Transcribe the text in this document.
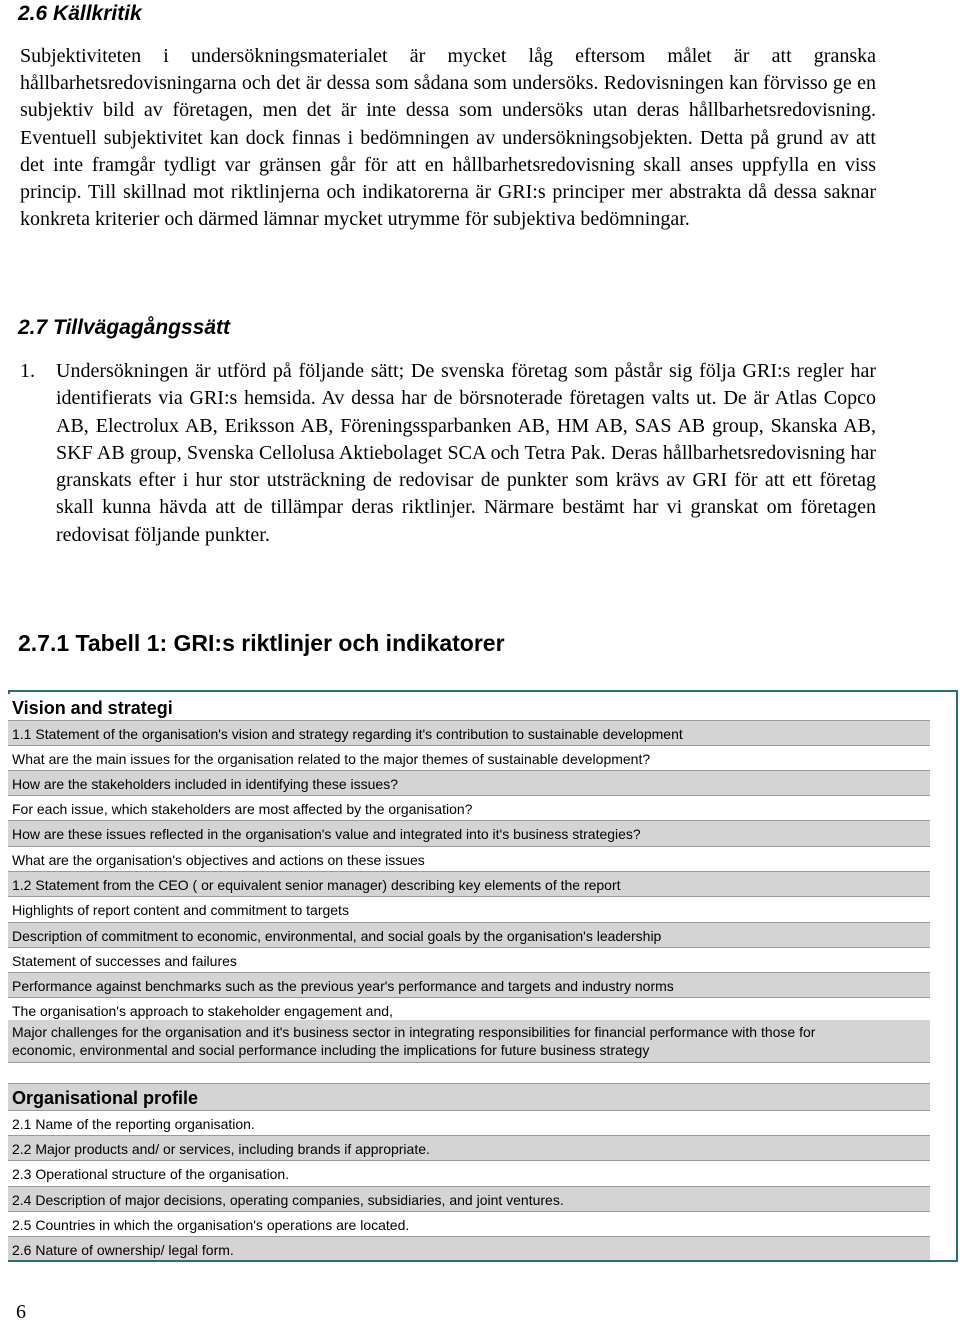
2.6 Källkritik

Subjektiviteten i undersökningsmaterialet är mycket låg eftersom målet är att granska hållbarhetsredovisningarna och det är dessa som sådana som undersöks. Redovisningen kan förvisso ge en subjektiv bild av företagen, men det är inte dessa som undersöks utan deras hållbarhetsredovisning. Eventuell subjektivitet kan dock finnas i bedömningen av undersökningsobjekten. Detta på grund av att det inte framgår tydligt var gränsen går för att en hållbarhetsredovisning skall anses uppfylla en viss princip. Till skillnad mot riktlinjerna och indikatorerna är GRI:s principer mer abstrakta då dessa saknar konkreta kriterier och därmed lämnar mycket utrymme för subjektiva bedömningar.

2.7 Tillvägagångssätt
1. Undersökningen är utförd på följande sätt; De svenska företag som påstår sig följa GRI:s regler har identifierats via GRI:s hemsida. Av dessa har de börsnoterade företagen valts ut. De är Atlas Copco AB, Electrolux AB, Eriksson AB, Föreningssparbanken AB, HM AB, SAS AB group, Skanska AB, SKF AB group, Svenska Cellolusa Aktiebolaget SCA och Tetra Pak. Deras hållbarhetsredovisning har granskats efter i hur stor utsträckning de redovisar de punkter som krävs av GRI för att ett företag skall kunna hävda att de tillämpar deras riktlinjer. Närmare bestämt har vi granskat om företagen redovisat följande punkter.
2.7.1 Tabell 1: GRI:s riktlinjer och indikatorer
Vision and strategi
1.1 Statement of the organisation's vision and strategy regarding it's contribution to sustainable development
What are the main issues for the organisation related to the major themes of sustainable development?
How are the stakeholders included in identifying these issues?
For each issue, which stakeholders are most affected by the organisation?
How are these issues reflected in the organisation's value and integrated into it's business strategies?
What are the organisation's objectives and actions on these issues
1.2 Statement from the CEO ( or equivalent senior manager) describing key elements of the report
Highlights of report content and commitment to targets
Description of commitment to economic, environmental, and social goals by the organisation's leadership
Statement of successes and failures
Performance against benchmarks such as the previous year's performance and targets and industry norms
The organisation's approach to stakeholder engagement and,
Major challenges for the organisation and it's business sector in integrating responsibilities for financial performance with those for
economic, environmental and social performance including the implications for future business strategy
Organisational profile
2.1 Name of the reporting organisation.
2.2 Major products and/ or services, including brands if appropriate.
2.3 Operational structure of the organisation.
2.4 Description of major decisions, operating companies, subsidiaries, and joint ventures.
2.5 Countries in which the organisation's operations are located.
2.6 Nature of ownership/ legal form.
6
